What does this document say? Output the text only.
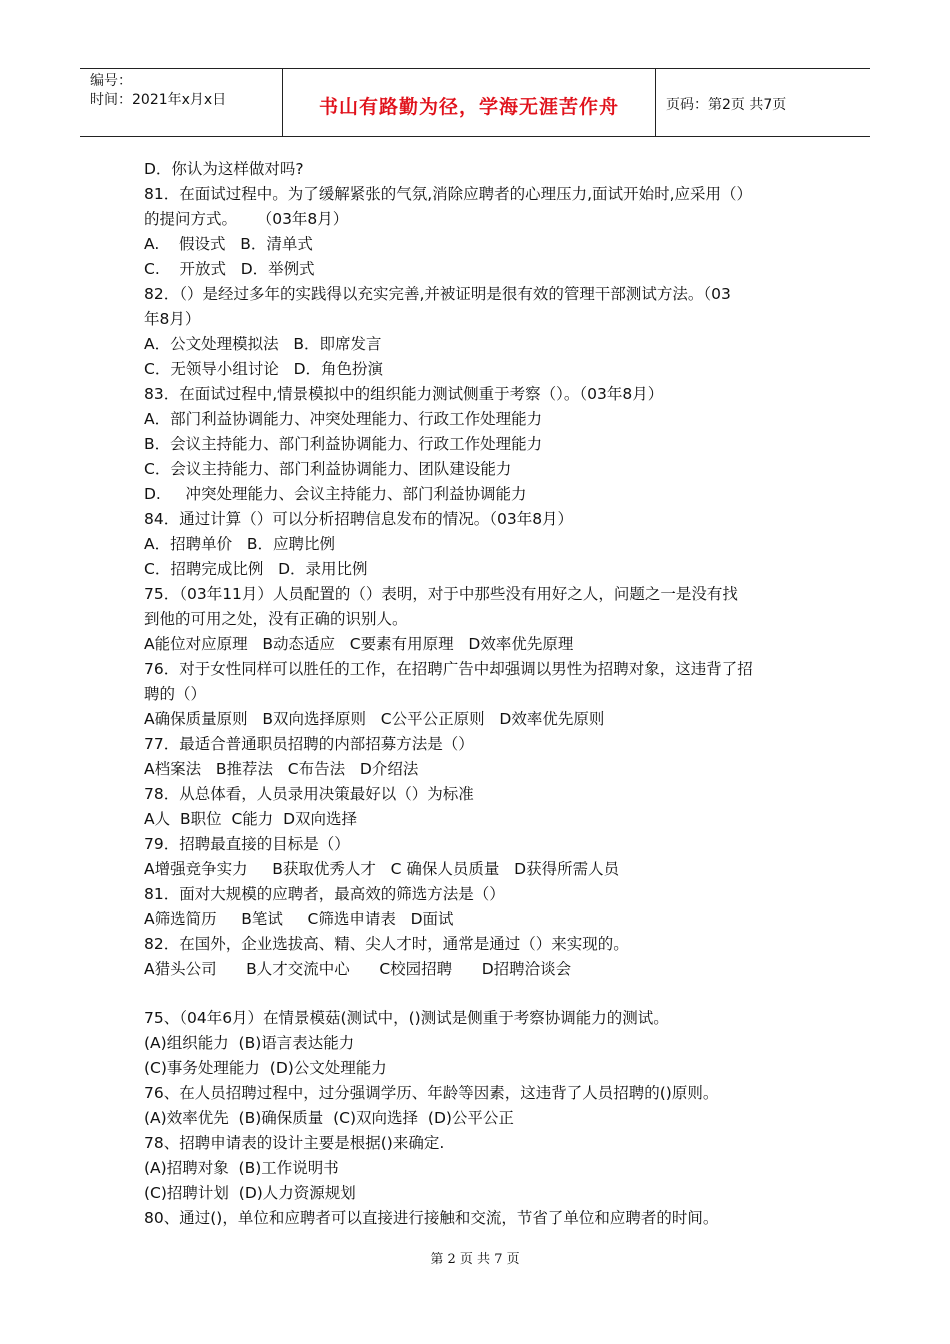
编号：
时间：2021年x月x日	书山有路勤为径，学海无涯苦作舟	页码：第2页 共7页
D．你认为这样做对吗?
81．在面试过程中。为了缓解紧张的气氛,消除应聘者的心理压力,面试开始时,应采用（）
的提问方式。    （03年8月）
A.    假设式   B．清单式
C.    开放式   D．举例式
82．（）是经过多年的实践得以充实完善,并被证明是很有效的管理干部测试方法。（03
年8月）
A．公文处理模拟法   B．即席发言
C．无领导小组讨论   D．角色扮演
83．在面试过程中,情景模拟中的组织能力测试侧重于考察（）。（03年8月）
A．部门利益协调能力、冲突处理能力、行政工作处理能力
B．会议主持能力、部门利益协调能力、行政工作处理能力
C．会议主持能力、部门利益协调能力、团队建设能力
D.     冲突处理能力、会议主持能力、部门利益协调能力
84．通过计算（）可以分析招聘信息发布的情况。（03年8月）
A．招聘单价   B．应聘比例
C．招聘完成比例   D．录用比例
75．（03年11月）人员配置的（）表明，对于中那些没有用好之人，问题之一是没有找
到他的可用之处，没有正确的识别人。
A能位对应原理   B动态适应   C要素有用原理   D效率优先原理
76．对于女性同样可以胜任的工作，在招聘广告中却强调以男性为招聘对象，这违背了招
聘的（）
A确保质量原则   B双向选择原则   C公平公正原则   D效率优先原则
77．最适合普通职员招聘的内部招募方法是（）
A档案法   B推荐法   C布告法   D介绍法
78．从总体看，人员录用决策最好以（）为标准
A人  B职位  C能力  D双向选择
79．招聘最直接的目标是（）
A增强竞争实力     B获取优秀人才   C 确保人员质量   D获得所需人员
81．面对大规模的应聘者，最高效的筛选方法是（）
A筛选简历     B笔试     C筛选申请表   D面试
82．在国外，企业选拔高、精、尖人才时，通常是通过（）来实现的。
A猎头公司      B人才交流中心      C校园招聘      D招聘洽谈会
75、（04年6月）在情景模菇(测试中，()测试是侧重于考察协调能力的测试。
(A)组织能力  (B)语言表达能力
(C)事务处理能力  (D)公文处理能力
76、在人员招聘过程中，过分强调学历、年龄等因素，这违背了人员招聘的()原则。
(A)效率优先  (B)确保质量  (C)双向选择  (D)公平公正
78、招聘申请表的设计主要是根据()来确定.
(A)招聘对象  (B)工作说明书
(C)招聘计划  (D)人力资源规划
80、通过()，单位和应聘者可以直接进行接触和交流，节省了单位和应聘者的时间。
第 2 页 共 7 页
